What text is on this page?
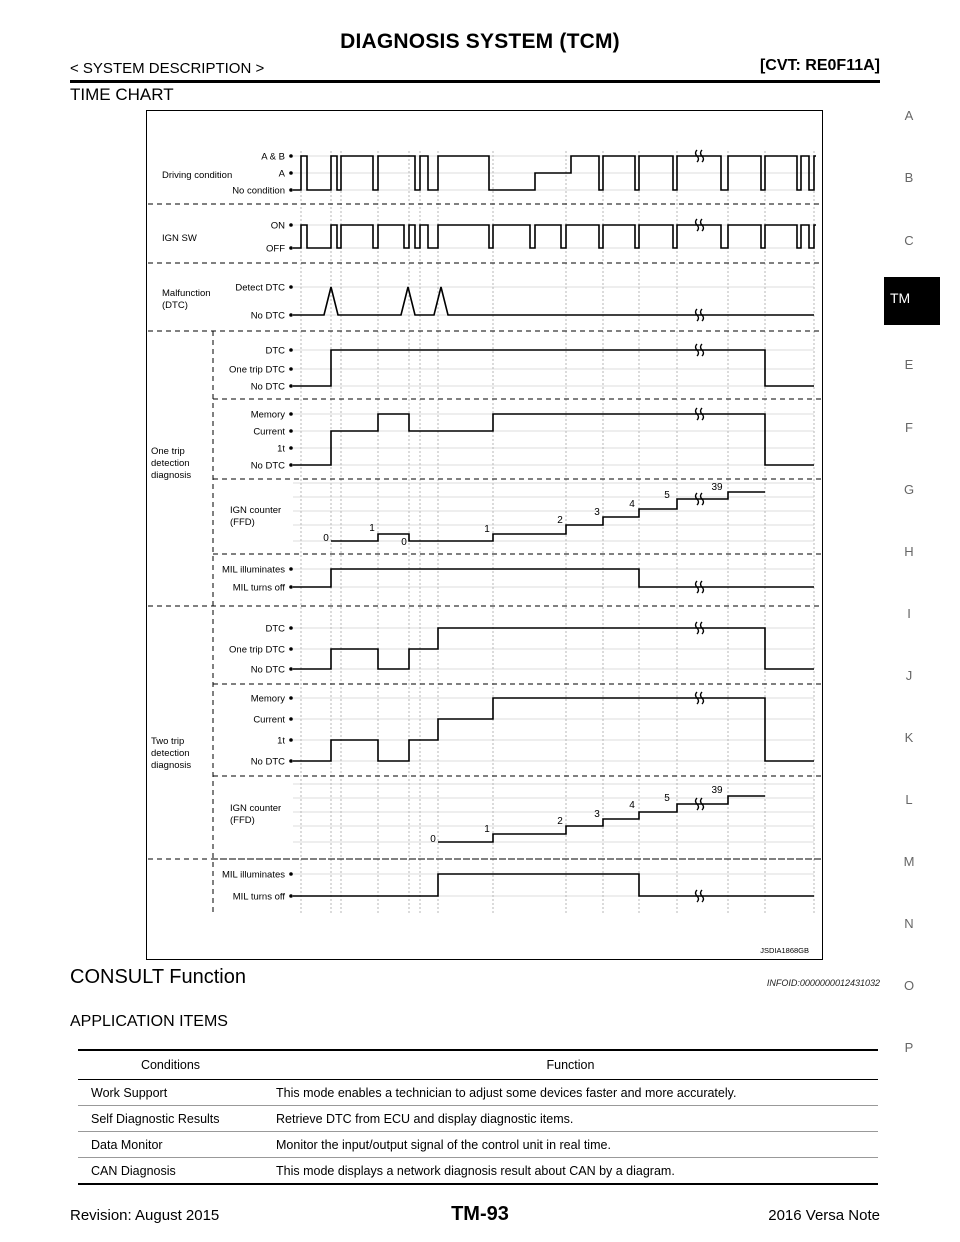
DIAGNOSIS SYSTEM (TCM)
< SYSTEM DESCRIPTION >	[CVT: RE0F11A]
TIME CHART
Driving condition
IGN SW
Malfunction
(DTC)
One trip
detection
diagnosis
Two trip
detection
diagnosis
A & B
A
No condition
ON
OFF
Detect DTC
No DTC
DTC
One trip DTC
No DTC
Memory
Current
1t
No DTC
IGN counter
(FFD)
MIL illuminates
MIL turns off
DTC
One trip DTC
No DTC
Memory
Current
1t
No DTC
IGN counter
(FFD)
MIL illuminates
MIL turns off
0
1
0
1
2
3
4
5
39
0
1
2
3
4
5
39
JSDIA1868GB
CONSULT Function	INFOID:0000000012431032
APPLICATION ITEMS
Conditions	Function
Work Support	This mode enables a technician to adjust some devices faster and more accurately.
Self Diagnostic Results	Retrieve DTC from ECU and display diagnostic items.
Data Monitor	Monitor the input/output signal of the control unit in real time.
CAN Diagnosis	This mode displays a network diagnosis result about CAN by a diagram.
A
B
C
TM
E
F
G
H
I
J
K
L
M
N
O
P
Revision: August 2015	TM-93	2016 Versa Note
